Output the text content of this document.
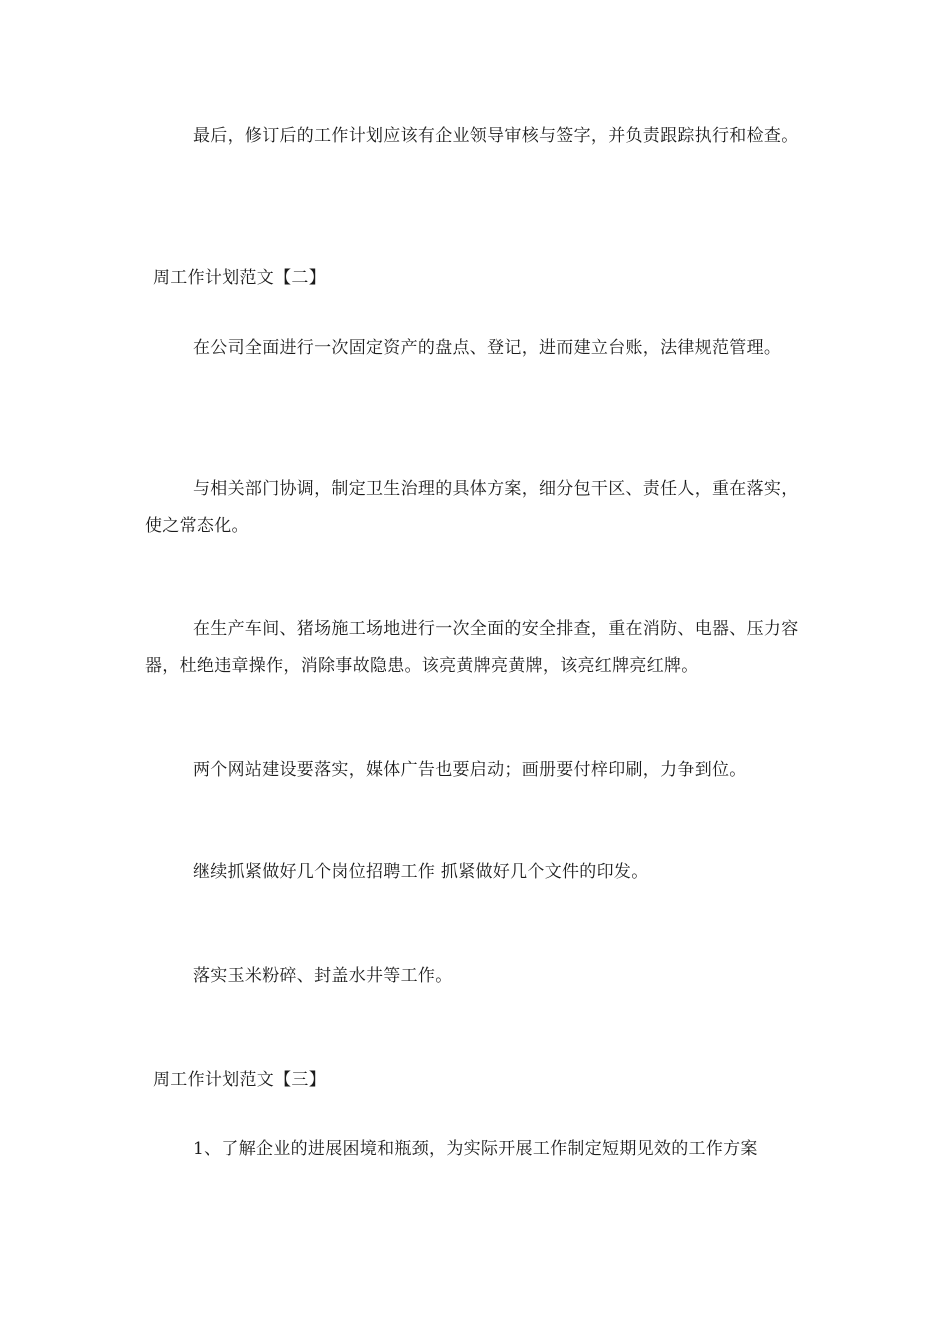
最后，修订后的工作计划应该有企业领导审核与签字，并负责跟踪执行和检查。

周工作计划范文【二】

在公司全面进行一次固定资产的盘点、登记，进而建立台账，法律规范管理。

与相关部门协调，制定卫生治理的具体方案，细分包干区、责任人，重在落实，使之常态化。

在生产车间、猪场施工场地进行一次全面的安全排查，重在消防、电器、压力容器，杜绝违章操作，消除事故隐患。该亮黄牌亮黄牌，该亮红牌亮红牌。

两个网站建设要落实，媒体广告也要启动；画册要付梓印刷，力争到位。

继续抓紧做好几个岗位招聘工作 抓紧做好几个文件的印发。

落实玉米粉碎、封盖水井等工作。

周工作计划范文【三】

1、了解企业的进展困境和瓶颈，为实际开展工作制定短期见效的工作方案
